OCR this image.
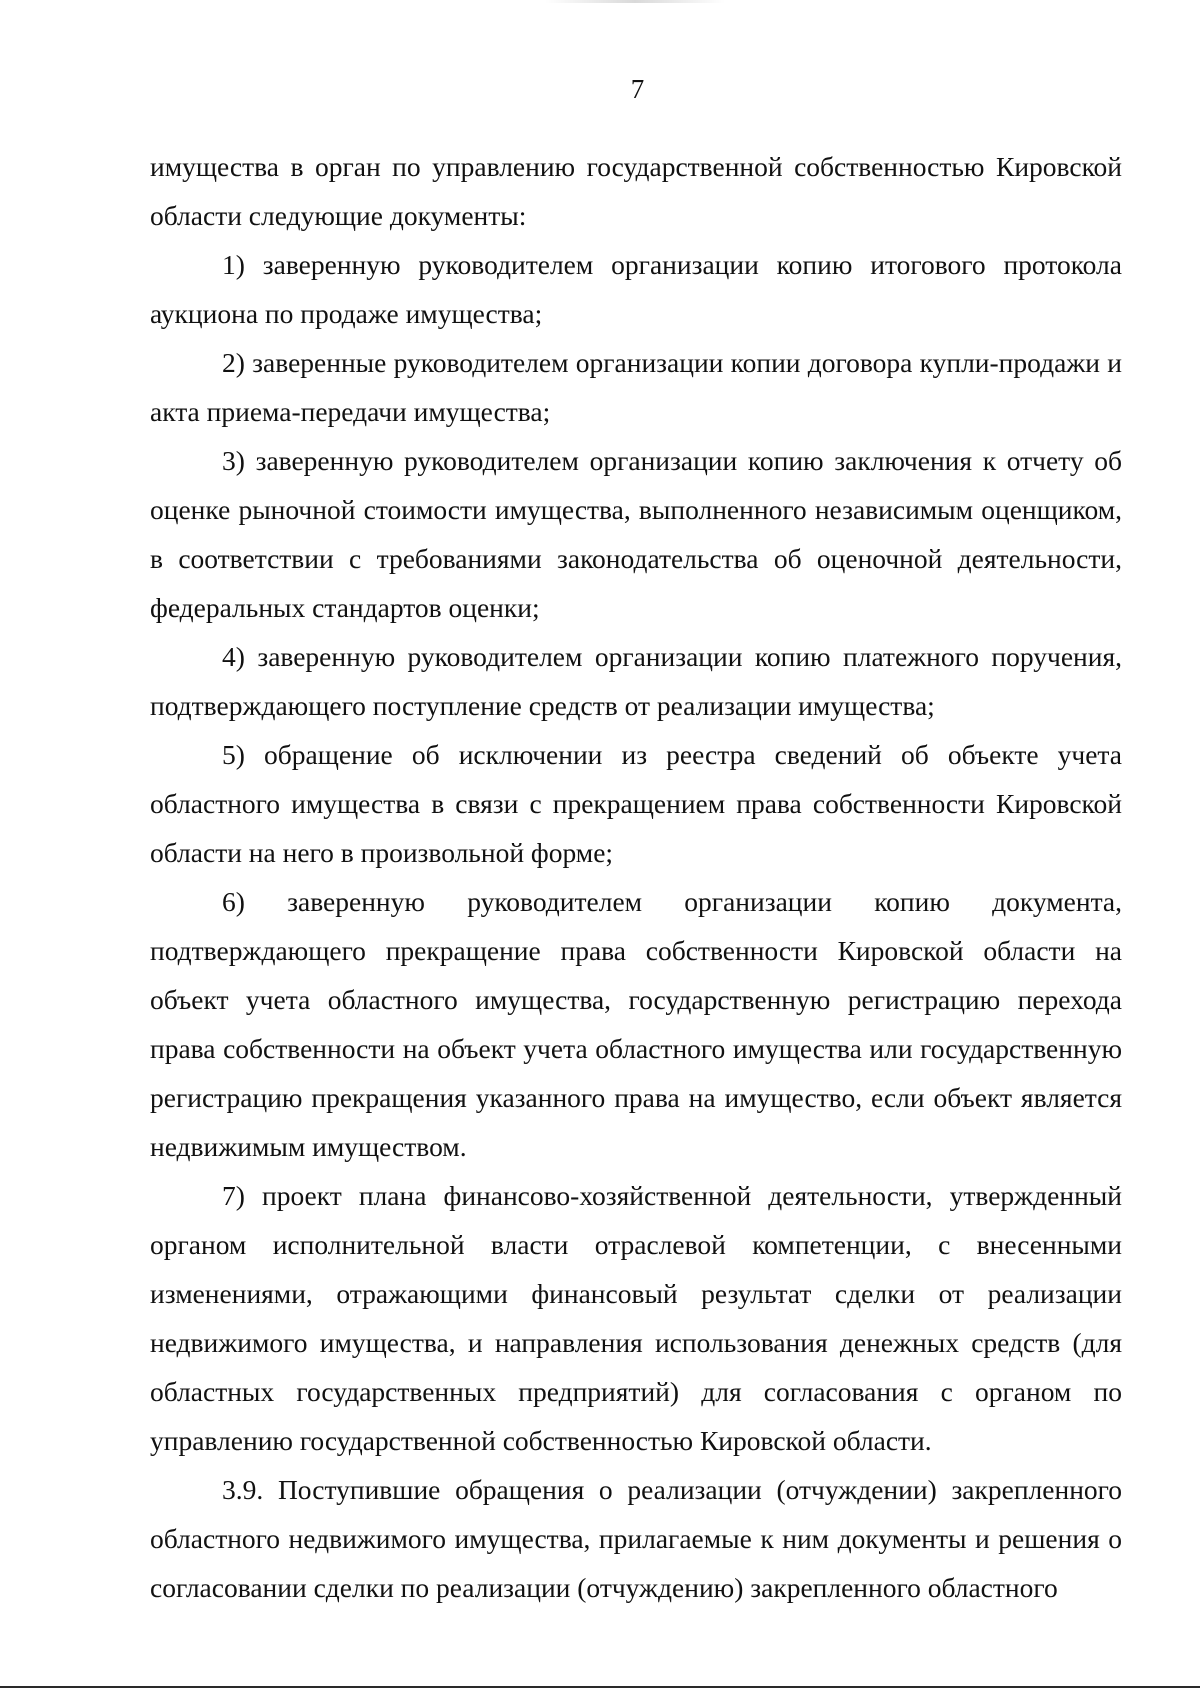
7

имущества в орган по управлению государственной собственностью Кировской области следующие документы:

1) заверенную руководителем организации копию итогового протокола аукциона по продаже имущества;

2) заверенные руководителем организации копии договора купли-продажи и акта приема-передачи имущества;

3) заверенную руководителем организации копию заключения к отчету об оценке рыночной стоимости имущества, выполненного независимым оценщиком, в соответствии с требованиями законодательства об оценочной деятельности, федеральных стандартов оценки;

4) заверенную руководителем организации копию платежного поручения, подтверждающего поступление средств от реализации имущества;

5) обращение об исключении из реестра сведений об объекте учета областного имущества в связи с прекращением права собственности Кировской области на него в произвольной форме;

6) заверенную руководителем организации копию документа, подтверждающего прекращение права собственности Кировской области на объект учета областного имущества, государственную регистрацию перехода права собственности на объект учета областного имущества или государственную регистрацию прекращения указанного права на имущество, если объект является недвижимым имуществом.

7) проект плана финансово-хозяйственной деятельности, утвержденный органом исполнительной власти отраслевой компетенции, с внесенными изменениями, отражающими финансовый результат сделки от реализации недвижимого имущества, и направления использования денежных средств (для областных государственных предприятий) для согласования с органом по управлению государственной собственностью Кировской области.

3.9. Поступившие обращения о реализации (отчуждении) закрепленного областного недвижимого имущества, прилагаемые к ним документы и решения о согласовании сделки по реализации (отчуждению) закрепленного областного
